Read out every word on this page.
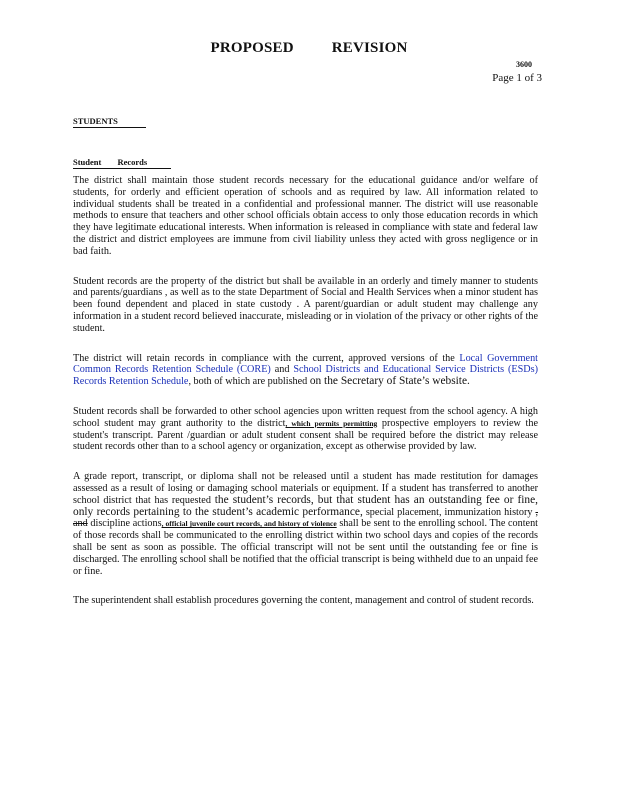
PROPOSED	REVISION
3600
Page 1 of 3
STUDENTS
Student Records

The district shall maintain those student records necessary for the educational guidance and/or welfare of students, for orderly and efficient operation of schools and as required by law. All information related to individual students shall be treated in a confidential and professional manner. The district will use reasonable methods to ensure that teachers and other school officials obtain access to only those education records in which they have legitimate educational interests. When information is released in compliance with state and federal law the district and district employees are immune from civil liability unless they acted with gross negligence or in bad faith.

Student records are the property of the district but shall be available in an orderly and timely manner to students and parents/guardians , as well as to the state Department of Social and Health Services when a minor student has been found dependent and placed in state custody . A parent/guardian or adult student may challenge any information in a student record believed inaccurate, misleading or in violation of the privacy or other rights of the student.

The district will retain records in compliance with the current, approved versions of the Local Government Common Records Retention Schedule (CORE) and School Districts and Educational Service Districts (ESDs) Records Retention Schedule, both of which are published on the Secretary of State’s website.

Student records shall be forwarded to other school agencies upon written request from the school agency. A high school student may grant authority to the district, which permits permitting prospective employers to review the student's transcript. Parent /guardian or adult student consent shall be required before the district may release student records other than to a school agency or organization, except as otherwise provided by law.

A grade report, transcript, or diploma shall not be released until a student has made restitution for damages assessed as a result of losing or damaging school materials or equipment. If a student has transferred to another school district that has requested the student’s records, but that student has an outstanding fee or fine, only records pertaining to the student’s academic performance, special placement, immunization history , and discipline actions, official juvenile court records, and history of violence shall be sent to the enrolling school. The content of those records shall be communicated to the enrolling district within two school days and copies of the records shall be sent as soon as possible. The official transcript will not be sent until the outstanding fee or fine is discharged. The enrolling school shall be notified that the official transcript is being withheld due to an unpaid fee or fine.

The superintendent shall establish procedures governing the content, management and control of student records.
